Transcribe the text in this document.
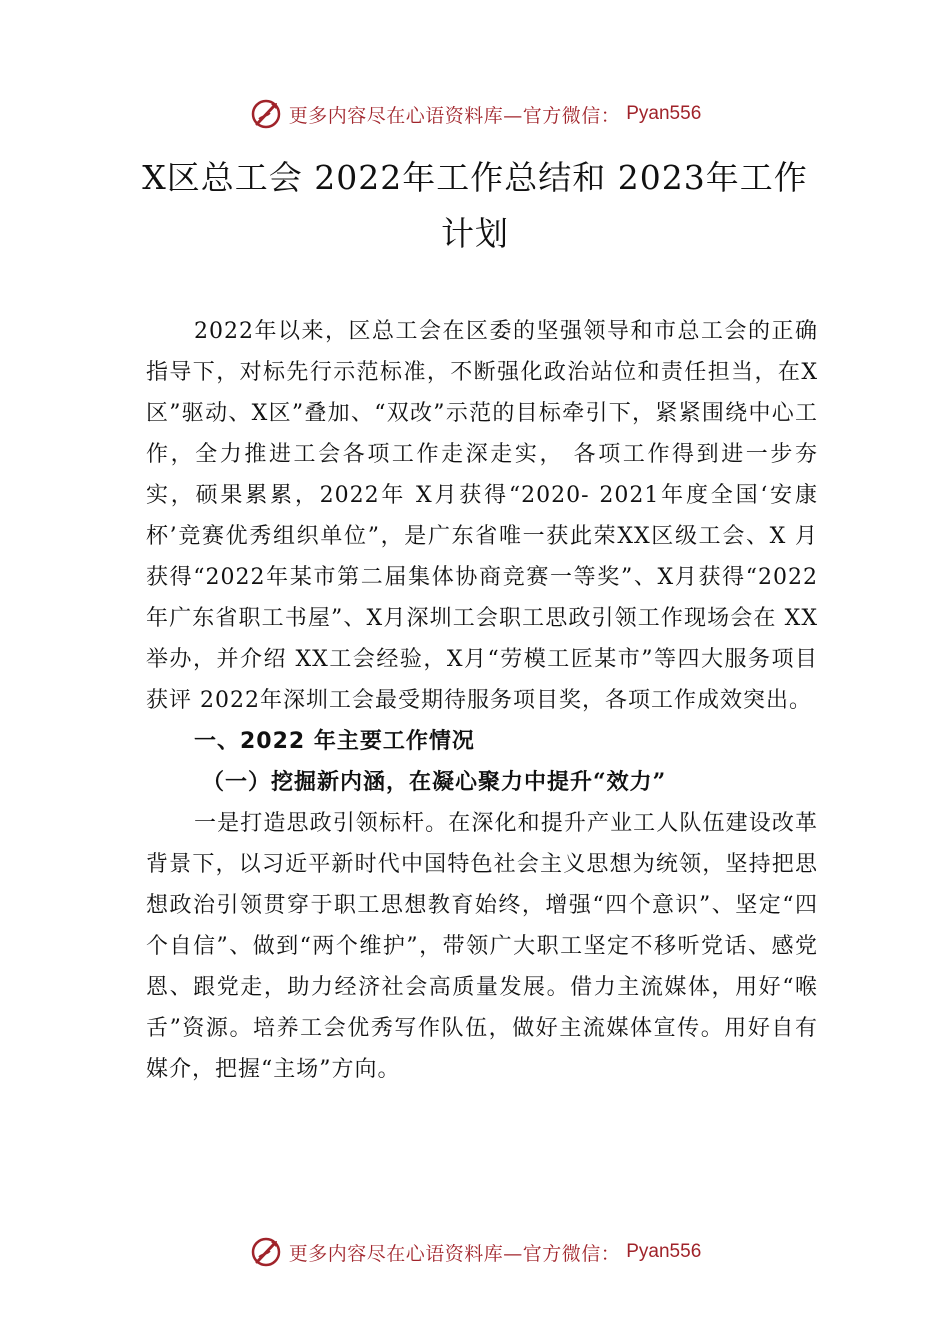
更多内容尽在心语资料库—官方微信： Pyan556
X区总工会 2022年工作总结和 2023年工作计划

2022年以来，区总工会在区委的坚强领导和市总工会的正确指导下，对标先行示范标准，不断强化政治站位和责任担当，在X区”驱动、X区”叠加、“双改”示范的目标牵引下，紧紧围绕中心工作，全力推进工会各项工作走深走实， 各项工作得到进一步夯实，硕果累累，2022年 X月获得“2020- 2021年度全国‘安康杯’竞赛优秀组织单位”，是广东省唯一获此荣XX区级工会、X 月获得“2022年某市第二届集体协商竞赛一等奖”、X月获得“2022年广东省职工书屋”、X月深圳工会职工思政引领工作现场会在 XX举办，并介绍 XX工会经验，X月“劳模工匠某市”等四大服务项目获评 2022年深圳工会最受期待服务项目奖，各项工作成效突出。

一、2022 年主要工作情况

（一）挖掘新内涵，在凝心聚力中提升“效力”

一是打造思政引领标杆。在深化和提升产业工人队伍建设改革背景下，以习近平新时代中国特色社会主义思想为统领，坚持把思想政治引领贯穿于职工思想教育始终，增强“四个意识”、坚定“四个自信”、做到“两个维护”，带领广大职工坚定不移听党话、感党恩、跟党走，助力经济社会高质量发展。借力主流媒体，用好“喉舌”资源。培养工会优秀写作队伍，做好主流媒体宣传。用好自有媒介，把握“主场”方向。

更多内容尽在心语资料库—官方微信： Pyan556
